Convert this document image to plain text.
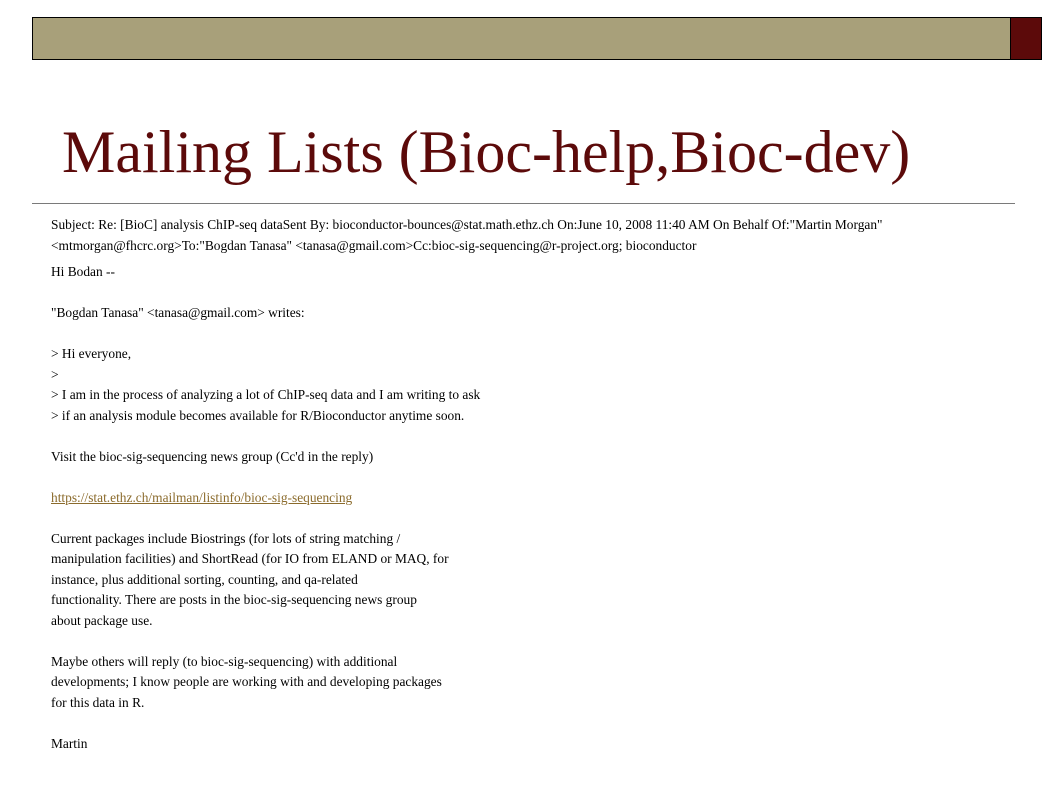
Mailing Lists (Bioc-help,Bioc-dev)
Subject: Re: [BioC] analysis ChIP-seq dataSent By: bioconductor-bounces@stat.math.ethz.ch On:June 10, 2008 11:40 AM On Behalf Of:"Martin Morgan" <mtmorgan@fhcrc.org>To:"Bogdan Tanasa" <tanasa@gmail.com>Cc:bioc-sig-sequencing@r-project.org; bioconductor
Hi Bodan --
"Bogdan Tanasa" <tanasa@gmail.com> writes:
> Hi everyone,
>
> I am in the process of analyzing a lot of ChIP-seq data and I am writing to ask
> if an analysis module becomes available for R/Bioconductor anytime soon.
Visit the bioc-sig-sequencing news group (Cc'd in the reply)
https://stat.ethz.ch/mailman/listinfo/bioc-sig-sequencing
Current packages include Biostrings (for lots of string matching /
manipulation facilities) and ShortRead (for IO from ELAND or MAQ, for
instance, plus additional sorting, counting, and qa-related
functionality. There are posts in the bioc-sig-sequencing news group
about package use.
Maybe others will reply (to bioc-sig-sequencing) with additional
developments; I know people are working with and developing packages
for this data in R.
Martin
